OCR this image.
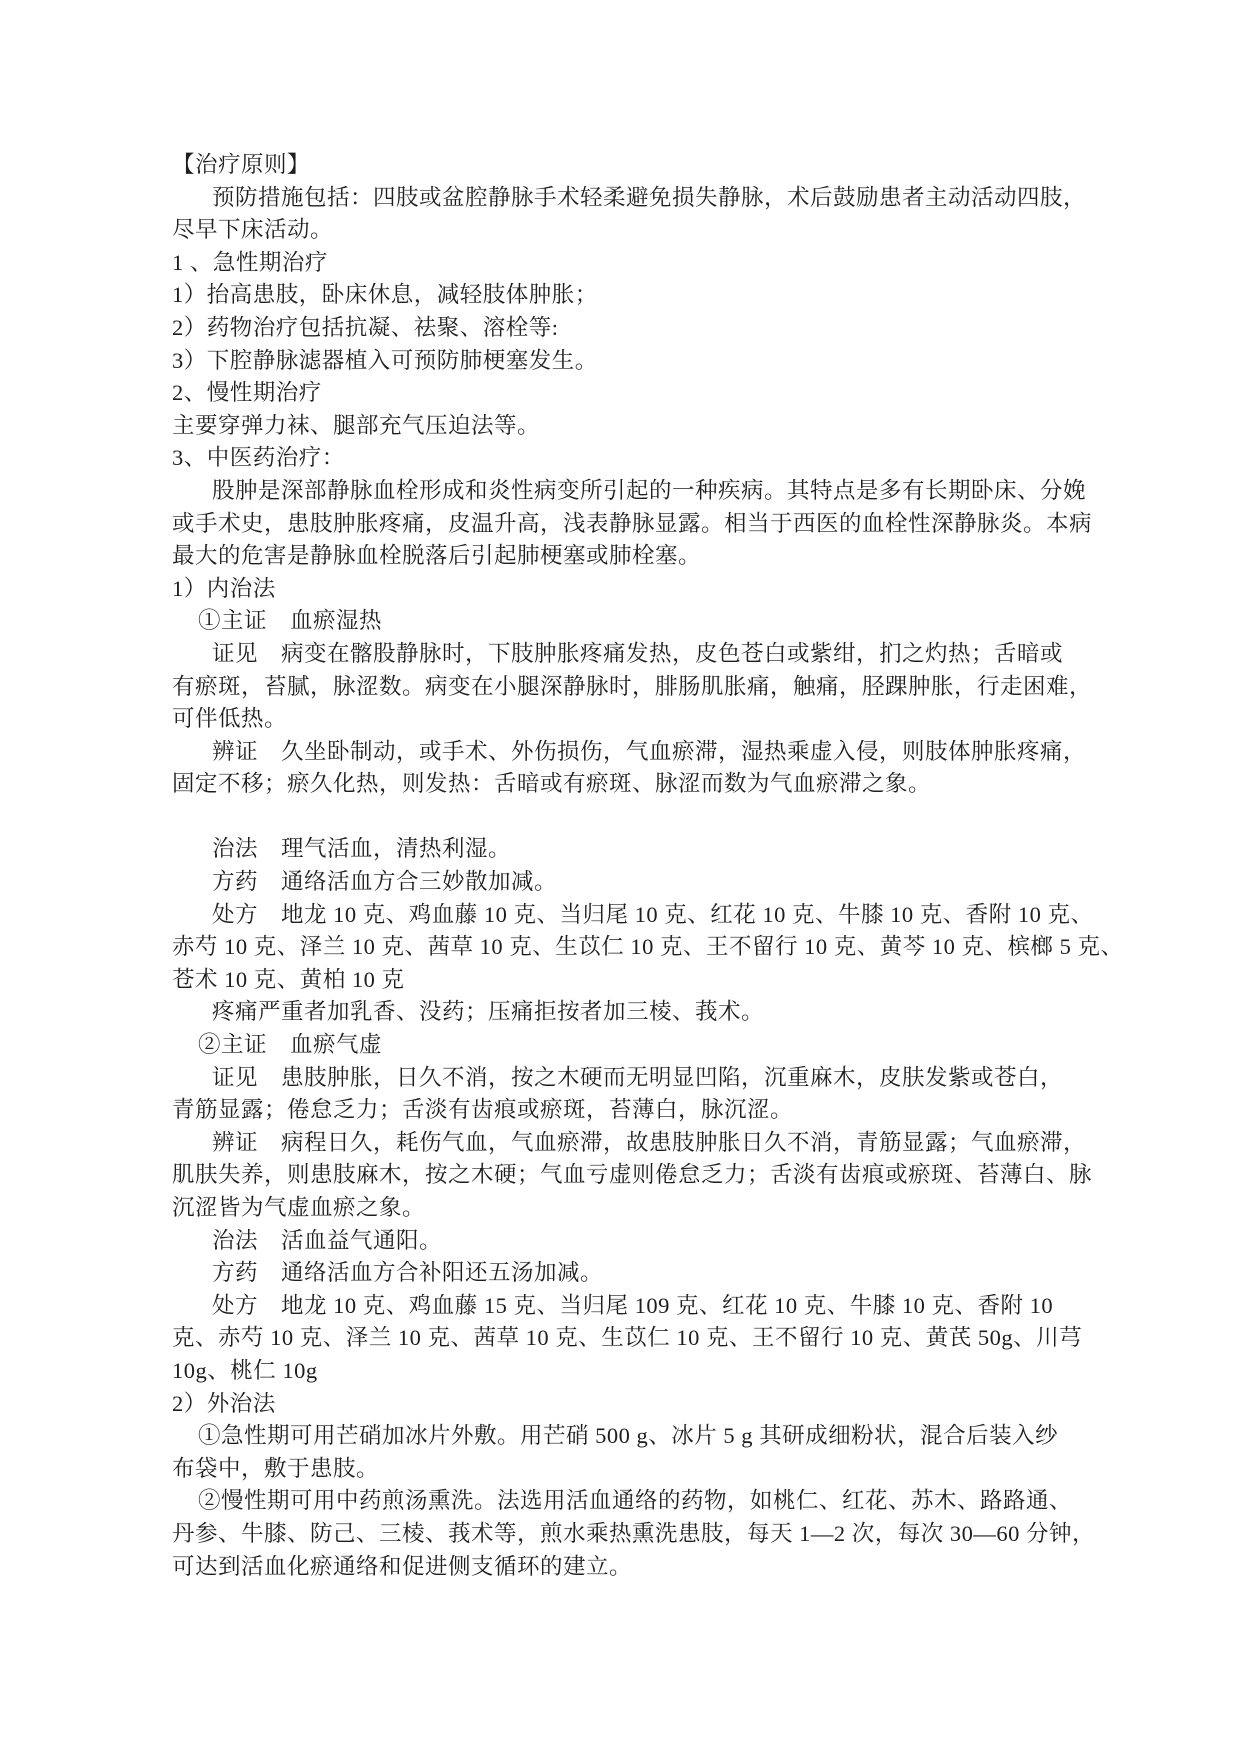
【治疗原则】
预防措施包括：四肢或盆腔静脉手术轻柔避免损失静脉，术后鼓励患者主动活动四肢，
尽早下床活动。
1 、急性期治疗
1）抬高患肢，卧床休息，减轻肢体肿胀；
2）药物治疗包括抗凝、祛聚、溶栓等:
3）下腔静脉滤器植入可预防肺梗塞发生。
2、慢性期治疗
主要穿弹力袜、腿部充气压迫法等。
3、中医药治疗：
股肿是深部静脉血栓形成和炎性病变所引起的一种疾病。其特点是多有长期卧床、分娩
或手术史，患肢肿胀疼痛，皮温升高，浅表静脉显露。相当于西医的血栓性深静脉炎。本病
最大的危害是静脉血栓脱落后引起肺梗塞或肺栓塞。
1）内治法
①主证　血瘀湿热
证见　病变在髂股静脉时，下肢肿胀疼痛发热，皮色苍白或紫绀，扪之灼热；舌暗或
有瘀斑，苔腻，脉涩数。病变在小腿深静脉时，腓肠肌胀痛，触痛，胫踝肿胀，行走困难，
可伴低热。
辨证　久坐卧制动，或手术、外伤损伤，气血瘀滞，湿热乘虚入侵，则肢体肿胀疼痛，
固定不移；瘀久化热，则发热：舌暗或有瘀斑、脉涩而数为气血瘀滞之象。
治法　理气活血，清热利湿。
方药　通络活血方合三妙散加减。
处方　地龙 10 克、鸡血藤 10 克、当归尾 10 克、红花 10 克、牛膝 10 克、香附 10 克、
赤芍 10 克、泽兰 10 克、茜草 10 克、生苡仁 10 克、王不留行 10 克、黄芩 10 克、槟榔 5 克、
苍术 10 克、黄柏 10 克
疼痛严重者加乳香、没药；压痛拒按者加三棱、莪术。
②主证　血瘀气虚
证见　患肢肿胀，日久不消，按之木硬而无明显凹陷，沉重麻木，皮肤发紫或苍白，
青筋显露；倦怠乏力；舌淡有齿痕或瘀斑，苔薄白，脉沉涩。
辨证　病程日久，耗伤气血，气血瘀滞，故患肢肿胀日久不消，青筋显露；气血瘀滞，
肌肤失养，则患肢麻木，按之木硬；气血亏虚则倦怠乏力；舌淡有齿痕或瘀斑、苔薄白、脉
沉涩皆为气虚血瘀之象。
治法　活血益气通阳。
方药　通络活血方合补阳还五汤加减。
处方　地龙 10 克、鸡血藤 15 克、当归尾 109 克、红花 10 克、牛膝 10 克、香附 10
克、赤芍 10 克、泽兰 10 克、茜草 10 克、生苡仁 10 克、王不留行 10 克、黄芪 50g、川芎
10g、桃仁 10g
2）外治法
①急性期可用芒硝加冰片外敷。用芒硝 500 g、冰片 5 g 其研成细粉状，混合后装入纱
布袋中，敷于患肢。
②慢性期可用中药煎汤熏洗。法选用活血通络的药物，如桃仁、红花、苏木、路路通、
丹参、牛膝、防己、三棱、莪术等，煎水乘热熏洗患肢，每天 1—2 次，每次 30—60 分钟，
可达到活血化瘀通络和促进侧支循环的建立。
